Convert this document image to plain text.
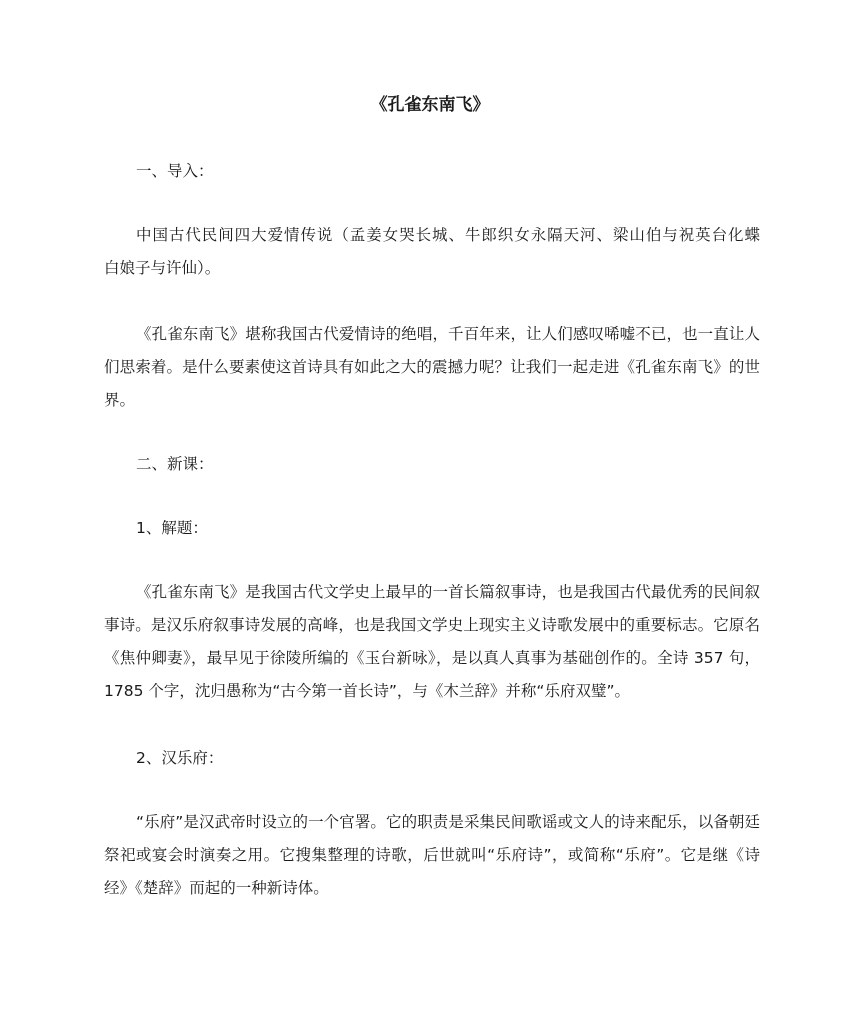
《孔雀东南飞》

一、导入：

中国古代民间四大爱情传说（孟姜女哭长城、牛郎织女永隔天河、梁山伯与祝英台化蝶　 白娘子与许仙）。

《孔雀东南飞》堪称我国古代爱情诗的绝唱，千百年来，让人们感叹唏嘘不已，也一直让人们思索着。是什么要素使这首诗具有如此之大的震撼力呢？让我们一起走进《孔雀东南飞》的世界。

二、新课：

1、解题：

《孔雀东南飞》是我国古代文学史上最早的一首长篇叙事诗，也是我国古代最优秀的民间叙事诗。是汉乐府叙事诗发展的高峰，也是我国文学史上现实主义诗歌发展中的重要标志。它原名《焦仲卿妻》，最早见于徐陵所编的《玉台新咏》，是以真人真事为基础创作的。全诗 357 句，1785 个字，沈归愚称为“古今第一首长诗”，与《木兰辞》并称“乐府双璧”。

2、汉乐府：

“乐府”是汉武帝时设立的一个官署。它的职责是采集民间歌谣或文人的诗来配乐，以备朝廷祭祀或宴会时演奏之用。它搜集整理的诗歌，后世就叫“乐府诗”，或简称“乐府”。它是继《诗经》《楚辞》而起的一种新诗体。
